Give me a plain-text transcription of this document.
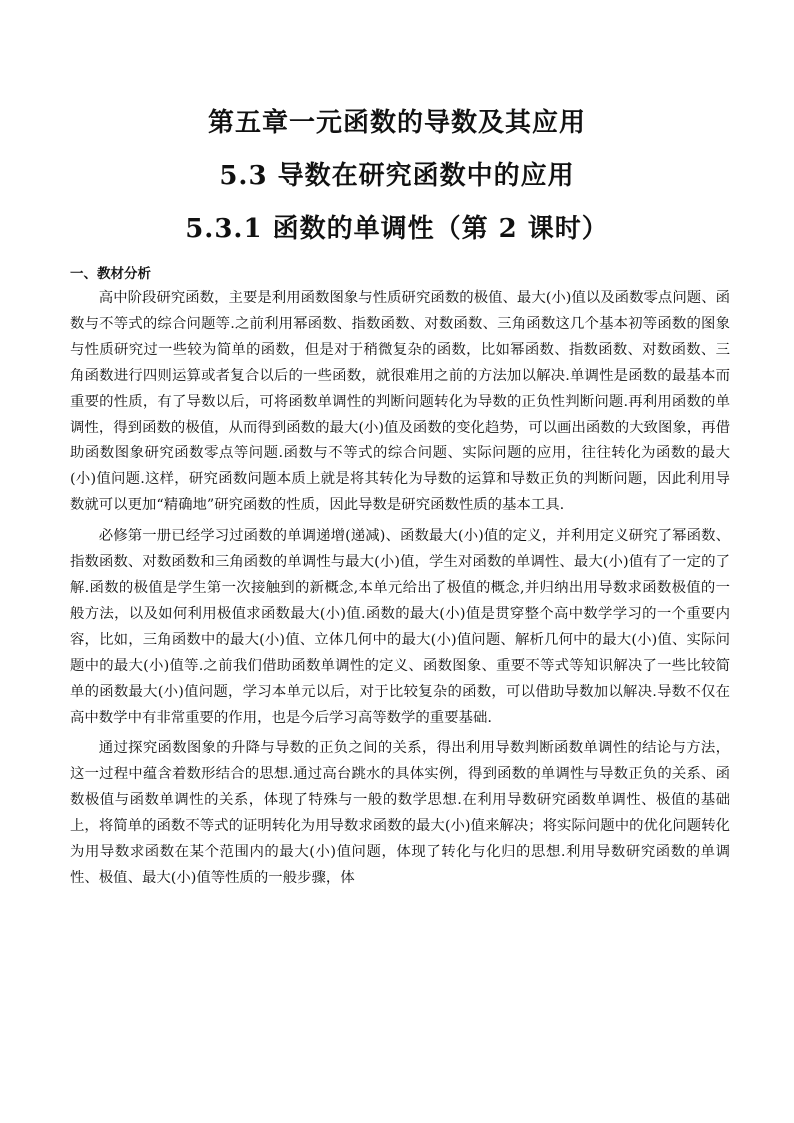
第五章一元函数的导数及其应用
5.3 导数在研究函数中的应用
5.3.1 函数的单调性（第 2 课时）
一、教材分析

高中阶段研究函数，主要是利用函数图象与性质研究函数的极值、最大(小)值以及函数零点问题、函数与不等式的综合问题等.之前利用幂函数、指数函数、对数函数、三角函数这几个基本初等函数的图象与性质研究过一些较为简单的函数，但是对于稍微复杂的函数，比如幂函数、指数函数、对数函数、三角函数进行四则运算或者复合以后的一些函数，就很难用之前的方法加以解决.单调性是函数的最基本而重要的性质，有了导数以后，可将函数单调性的判断问题转化为导数的正负性判断问题.再利用函数的单调性，得到函数的极值，从而得到函数的最大(小)值及函数的变化趋势，可以画出函数的大致图象，再借助函数图象研究函数零点等问题.函数与不等式的综合问题、实际问题的应用，往往转化为函数的最大(小)值问题.这样，研究函数问题本质上就是将其转化为导数的运算和导数正负的判断问题，因此利用导数就可以更加“精确地”研究函数的性质，因此导数是研究函数性质的基本工具.

必修第一册已经学习过函数的单调递增(递减)、函数最大(小)值的定义，并利用定义研究了幂函数、指数函数、对数函数和三角函数的单调性与最大(小)值，学生对函数的单调性、最大(小)值有了一定的了解.函数的极值是学生第一次接触到的新概念,本单元给出了极值的概念,并归纳出用导数求函数极值的一般方法，以及如何利用极值求函数最大(小)值.函数的最大(小)值是贯穿整个高中数学学习的一个重要内容，比如，三角函数中的最大(小)值、立体几何中的最大(小)值问题、解析几何中的最大(小)值、实际问题中的最大(小)值等.之前我们借助函数单调性的定义、函数图象、重要不等式等知识解决了一些比较简单的函数最大(小)值问题，学习本单元以后，对于比较复杂的函数，可以借助导数加以解决.导数不仅在高中数学中有非常重要的作用，也是今后学习高等数学的重要基础.

通过探究函数图象的升降与导数的正负之间的关系，得出利用导数判断函数单调性的结论与方法，这一过程中蕴含着数形结合的思想.通过高台跳水的具体实例，得到函数的单调性与导数正负的关系、函数极值与函数单调性的关系，体现了特殊与一般的数学思想.在利用导数研究函数单调性、极值的基础上，将简单的函数不等式的证明转化为用导数求函数的最大(小)值来解决；将实际问题中的优化问题转化为用导数求函数在某个范围内的最大(小)值问题，体现了转化与化归的思想.利用导数研究函数的单调性、极值、最大(小)值等性质的一般步骤，体
